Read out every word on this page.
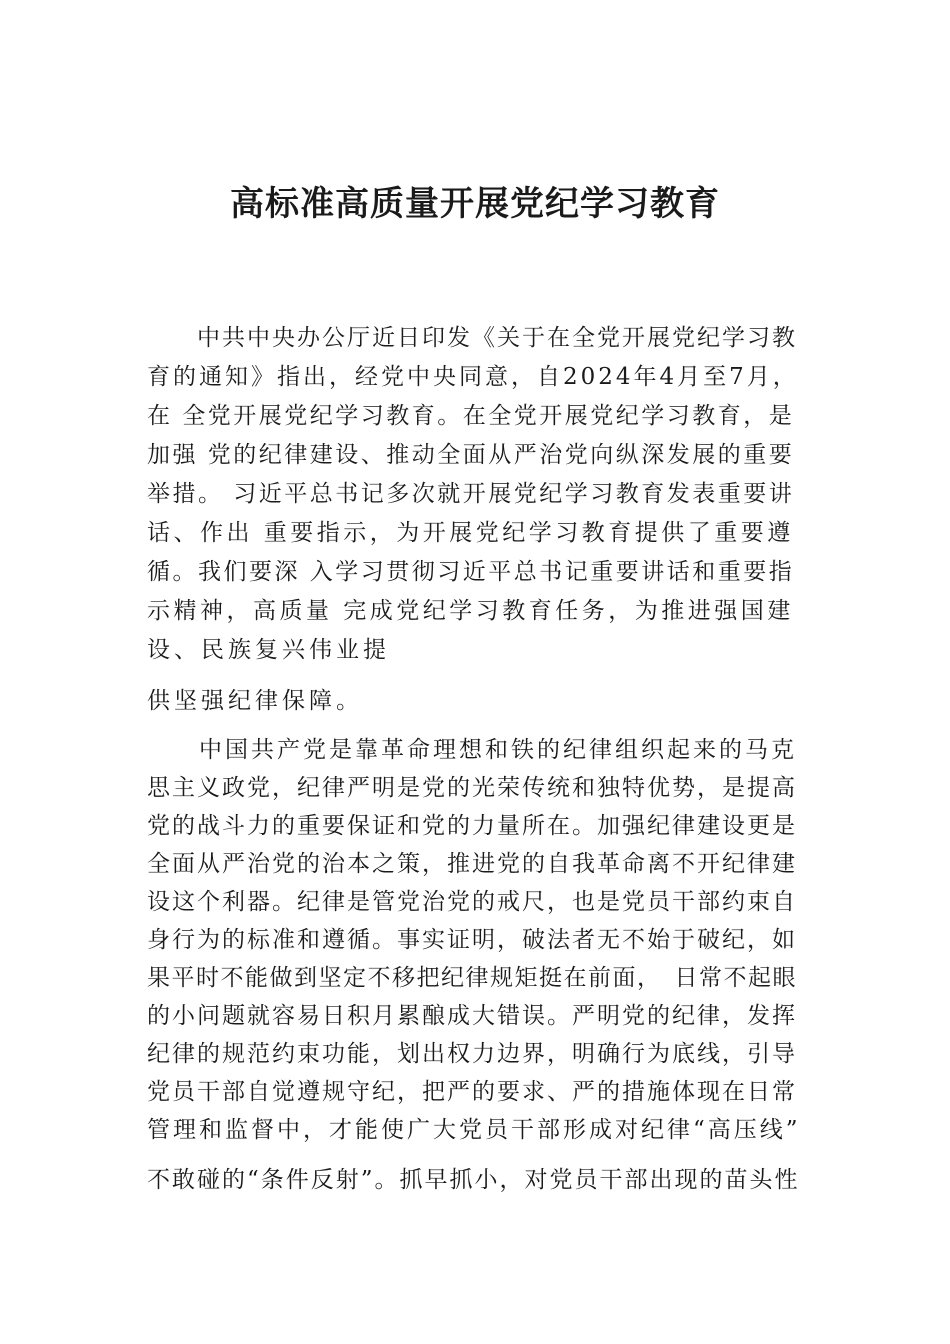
高标准高质量开展党纪学习教育
　　中共中央办公厅近日印发《关于在全党开展党纪学习教
育的通知》指出，经党中央同意，自2024年4月至7月，
在 全党开展党纪学习教育。在全党开展党纪学习教育，是
加强 党的纪律建设、推动全面从严治党向纵深发展的重要
举措。 习近平总书记多次就开展党纪学习教育发表重要讲
话、作出 重要指示，为开展党纪学习教育提供了重要遵
循。我们要深 入学习贯彻习近平总书记重要讲话和重要指
示精神，高质量 完成党纪学习教育任务，为推进强国建
设、民族复兴伟业提
供坚强纪律保障。
　　中国共产党是靠革命理想和铁的纪律组织起来的马克
思主义政党，纪律严明是党的光荣传统和独特优势，是提高
党的战斗力的重要保证和党的力量所在。加强纪律建设更是
全面从严治党的治本之策，推进党的自我革命离不开纪律建
设这个利器。纪律是管党治党的戒尺，也是党员干部约束自
身行为的标准和遵循。事实证明，破法者无不始于破纪，如
果平时不能做到坚定不移把纪律规矩挺在前面，　日常不起眼
的小问题就容易日积月累酿成大错误。严明党的纪律，发挥
纪律的规范约束功能，划出权力边界，明确行为底线，引导
党员干部自觉遵规守纪，把严的要求、严的措施体现在日常
管理和监督中，才能使广大党员干部形成对纪律“高压线”
不敢碰的“条件反射”。抓早抓小，对党员干部出现的苗头性
